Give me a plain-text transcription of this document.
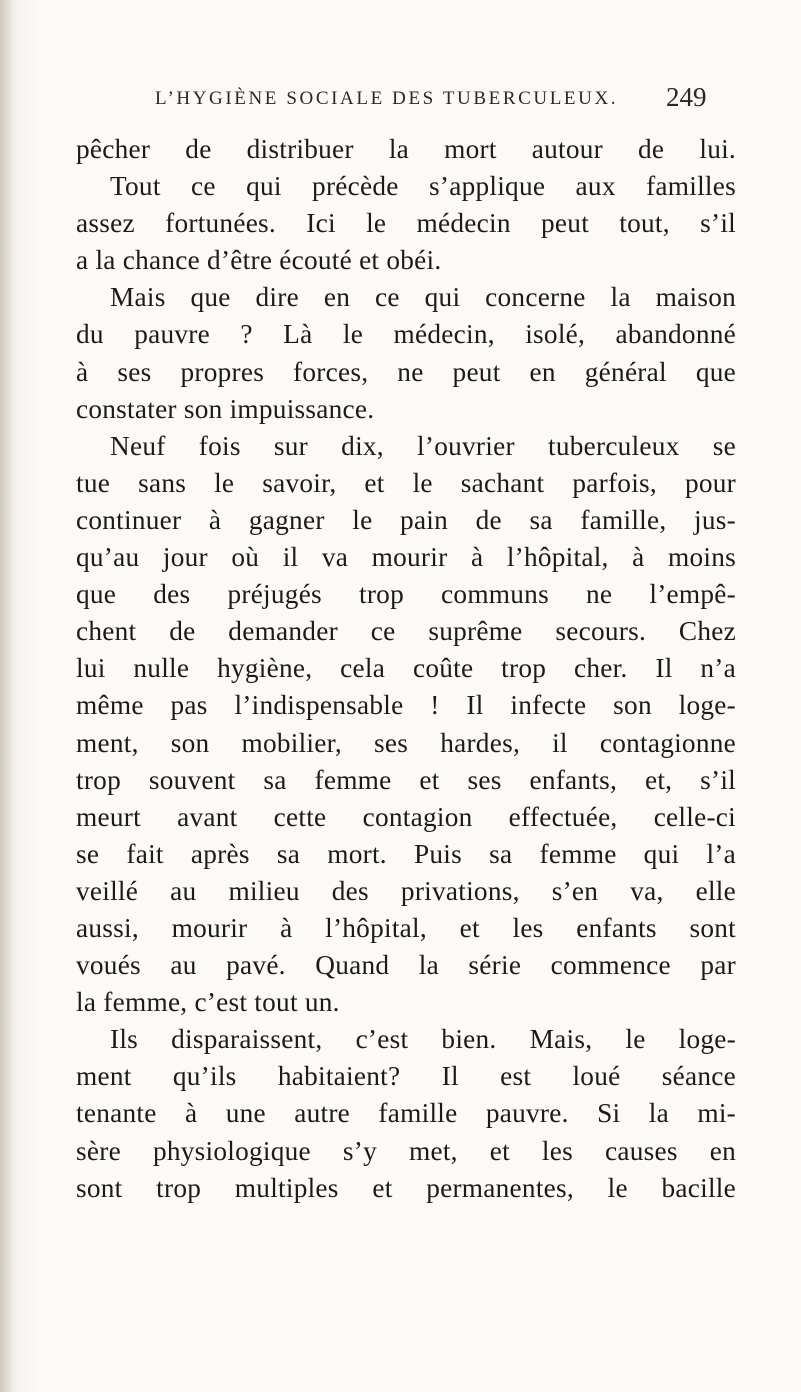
L’HYGIÈNE SOCIALE DES TUBERCULEUX. 249
pêcher de distribuer la mort autour de lui.
Tout ce qui précède s’applique aux familles
assez fortunées. Ici le médecin peut tout, s’il
a la chance d’être écouté et obéi.
Mais que dire en ce qui concerne la maison
du pauvre ? Là le médecin, isolé, abandonné
à ses propres forces, ne peut en général que
constater son impuissance.
Neuf fois sur dix, l’ouvrier tuberculeux se
tue sans le savoir, et le sachant parfois, pour
continuer à gagner le pain de sa famille, jus-
qu’au jour où il va mourir à l’hôpital, à moins
que des préjugés trop communs ne l’empê-
chent de demander ce suprême secours. Chez
lui nulle hygiène, cela coûte trop cher. Il n’a
même pas l’indispensable ! Il infecte son loge-
ment, son mobilier, ses hardes, il contagionne
trop souvent sa femme et ses enfants, et, s’il
meurt avant cette contagion effectuée, celle-ci
se fait après sa mort. Puis sa femme qui l’a
veillé au milieu des privations, s’en va, elle
aussi, mourir à l’hôpital, et les enfants sont
voués au pavé. Quand la série commence par
la femme, c’est tout un.
Ils disparaissent, c’est bien. Mais, le loge-
ment qu’ils habitaient? Il est loué séance
tenante à une autre famille pauvre. Si la mi-
sère physiologique s’y met, et les causes en
sont trop multiples et permanentes, le bacille
